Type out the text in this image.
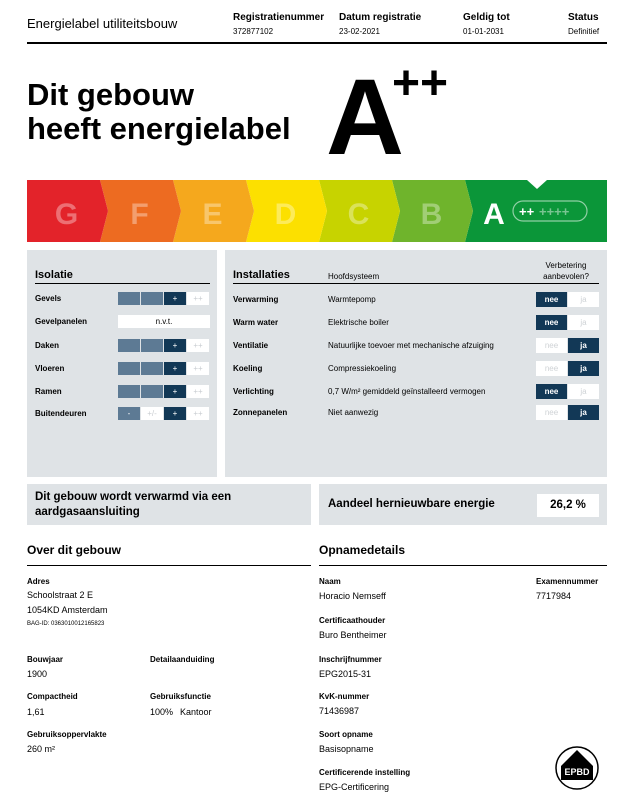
Energielabel utiliteitsbouw	Registratienummer
372877102
Datum registratie
23-02-2021
Geldig tot
01-01-2031
Status
Definitief
Dit gebouw
heeft energielabel A
++
A
B
C
D
E
F
G	++ ++++
Isolatie
Gevels	+	++
Gevelpanelen	n.v.t.
Daken	+	++
Vloeren	+	++
Ramen	+	++
Buitendeuren	-	+/-	+	++
Installaties	Hoofdsysteem
Verbetering aanbevolen?
Verwarming	Warmtepomp	nee	ja
Warm water	Elektrische boiler	nee	ja
Ventilatie	Natuurlijke toevoer met mechanische afzuiging	nee	ja
Koeling	Compressiekoeling	nee	ja
Verlichting	0,7 W/m² gemiddeld geïnstalleerd vermogen	nee	ja
Zonnepanelen	Niet aanwezig	nee	ja
Dit gebouw wordt verwarmd via een
aardgasaansluiting
Aandeel hernieuwbare energie	26,2 %
Over dit gebouw
Adres
Schoolstraat 2 E
1054KD Amsterdam
BAG-ID: 0363010012165823
Bouwjaar
1900
Detailaanduiding
Compactheid
1,61
Gebruiksfunctie
100% Kantoor
Gebruiksoppervlakte
260 m²
Opnamedetails
Naam
Horacio Nemseff
Examennummer
7717984
Certificaathouder
Buro Bentheimer
Inschrijfnummer
EPG2015-31
KvK-nummer
71436987
Soort opname
Basisopname
Certificerende instelling
EPG-Certificering
EPBD
